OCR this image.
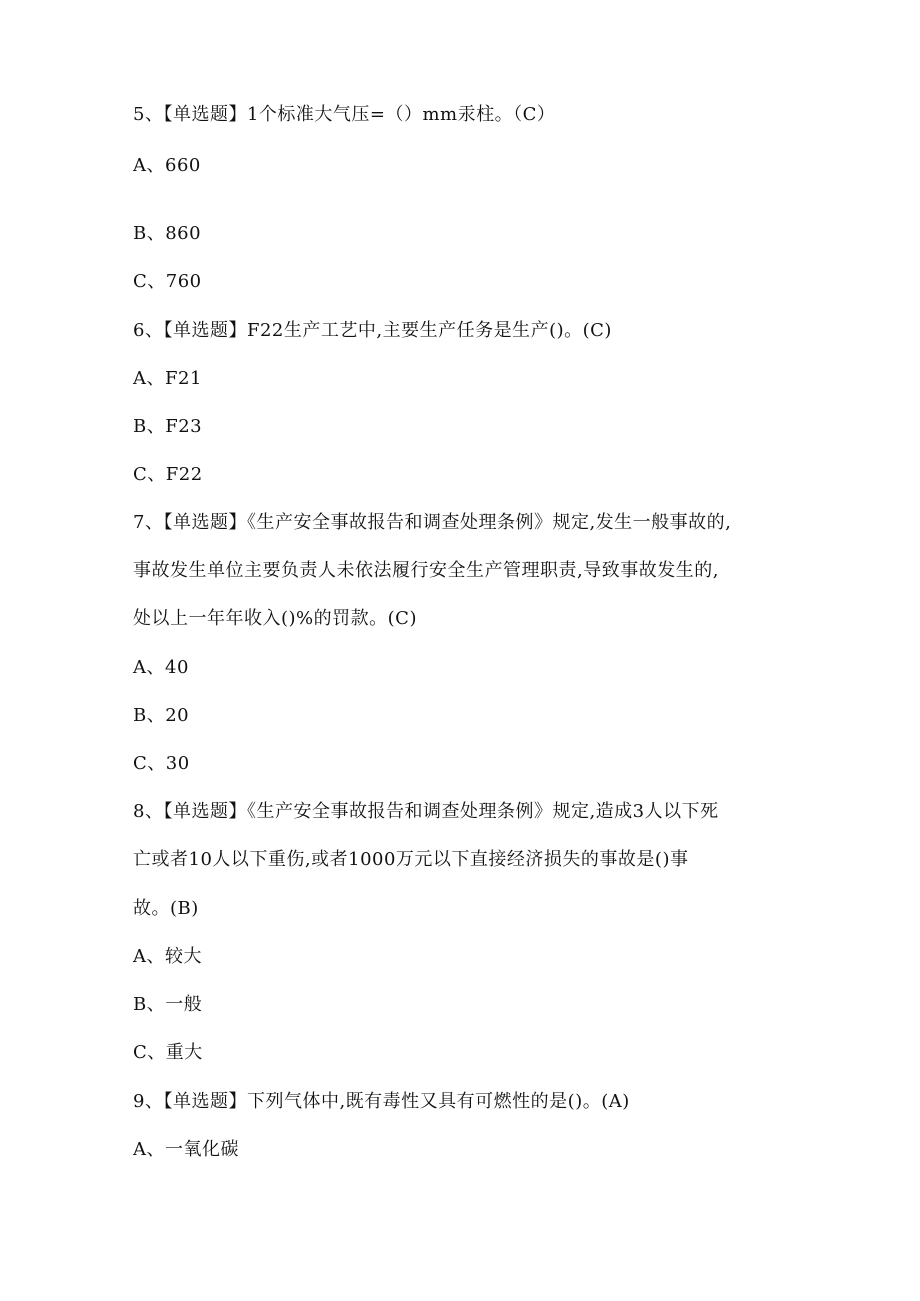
5、【单选题】1个标准大气压=（）mm汞柱。（C）
A、660
B、860
C、760
6、【单选题】F22生产工艺中,主要生产任务是生产()。(C)
A、F21
B、F23
C、F22
7、【单选题】《生产安全事故报告和调查处理条例》规定,发生一般事故的,
事故发生单位主要负责人未依法履行安全生产管理职责,导致事故发生的,
处以上一年年收入()%的罚款。(C)
A、40
B、20
C、30
8、【单选题】《生产安全事故报告和调查处理条例》规定,造成3人以下死
亡或者10人以下重伤,或者1000万元以下直接经济损失的事故是()事
故。(B)
A、较大
B、一般
C、重大
9、【单选题】下列气体中,既有毒性又具有可燃性的是()。(A)
A、一氧化碳
